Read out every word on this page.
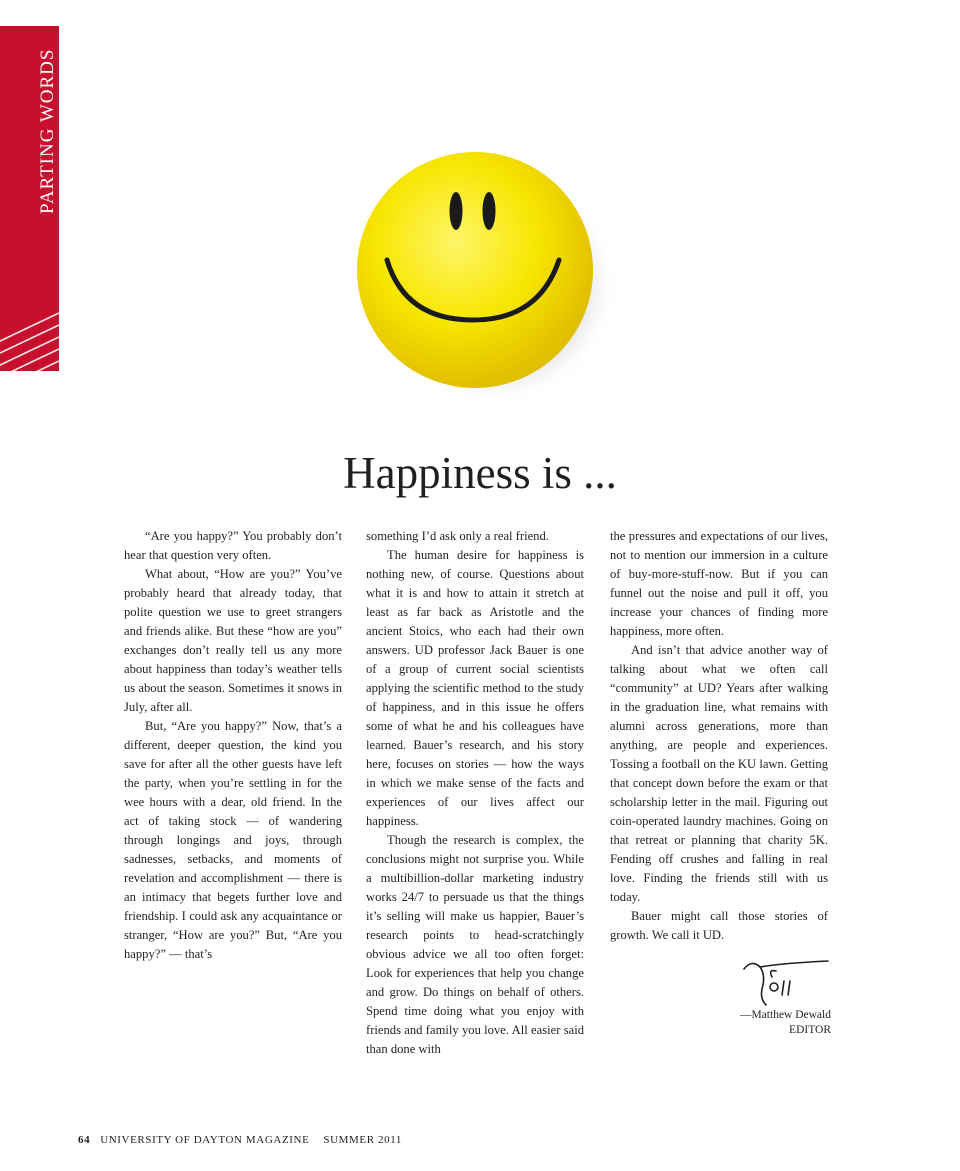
PARTING WORDS
Happiness is ...

“Are you happy?” You probably don’t hear that question very often.

What about, “How are you?” You’ve probably heard that already today, that polite question we use to greet strangers and friends alike. But these “how are you” exchanges don’t really tell us any more about happiness than today’s weather tells us about the season. Sometimes it snows in July, after all.

But, “Are you happy?” Now, that’s a different, deeper question, the kind you save for after all the other guests have left the party, when you’re settling in for the wee hours with a dear, old friend. In the act of taking stock — of wandering through longings and joys, through sadnesses, setbacks, and moments of revelation and accomplishment — there is an intimacy that begets further love and friendship. I could ask any acquaintance or stranger, “How are you?” But, “Are you happy?” — that’s

something I’d ask only a real friend.

The human desire for happiness is nothing new, of course. Questions about what it is and how to attain it stretch at least as far back as Aristotle and the ancient Stoics, who each had their own answers. UD professor Jack Bauer is one of a group of current social scientists applying the scientific method to the study of happiness, and in this issue he offers some of what he and his colleagues have learned. Bauer’s research, and his story here, focuses on stories — how the ways in which we make sense of the facts and experiences of our lives affect our happiness.

Though the research is complex, the conclusions might not surprise you. While a multibillion-dollar marketing industry works 24/7 to persuade us that the things it’s selling will make us happier, Bauer’s research points to head-scratchingly obvious advice we all too often forget: Look for experiences that help you change and grow. Do things on behalf of others. Spend time doing what you enjoy with friends and family you love. All easier said than done with

the pressures and expectations of our lives, not to mention our immersion in a culture of buy-more-stuff-now. But if you can funnel out the noise and pull it off, you increase your chances of finding more happiness, more often.

And isn’t that advice another way of talking about what we often call “community” at UD? Years after walking in the graduation line, what remains with alumni across generations, more than anything, are people and experiences. Tossing a football on the KU lawn. Getting that concept down before the exam or that scholarship letter in the mail. Figuring out coin-operated laundry machines. Going on that retreat or planning that charity 5K. Fending off crushes and falling in real love. Finding the friends still with us today.

Bauer might call those stories of growth. We call it UD.

—Matthew Dewald
EDITOR
64 UNIVERSITY OF DAYTON MAGAZINE SUMMER 2011
